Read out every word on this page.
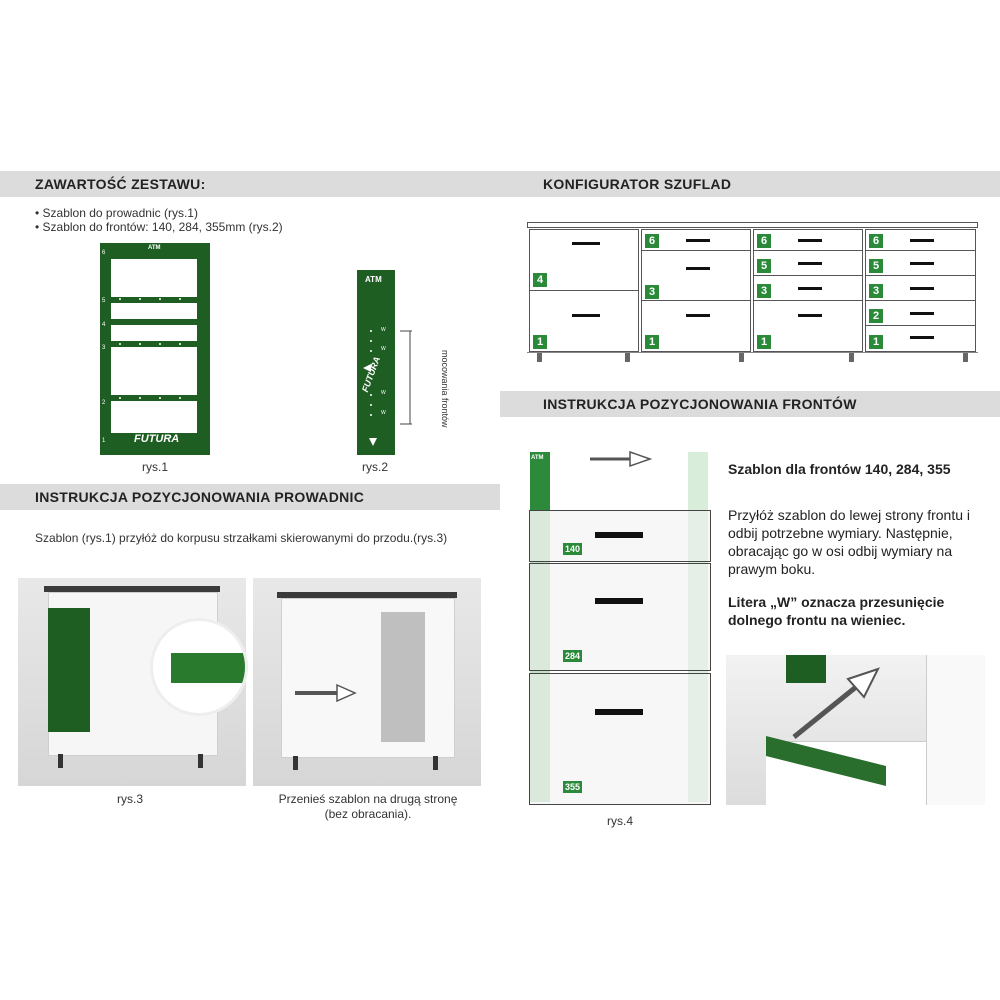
ZAWARTOŚĆ ZESTAWU:	KONFIGURATOR SZUFLAD
INSTRUKCJA POZYCJONOWANIA PROWADNIC
INSTRUKCJA POZYCJONOWANIA FRONTÓW
• Szablon do prowadnic (rys.1)
• Szablon do frontów: 140, 284, 355mm (rys.2)
ATM
FUTURA
6
5
4
3
2
1
rys.1
ATM
W
W
W
W
FUTURA	mocowania frontów
rys.2
Szablon (rys.1) przyłóż do korpusu strzałkami skierowanymi do przodu.(rys.3)
rys.3	Przenieś szablon na drugą stronę (bez obracania).
4
1
6
3
1
6
5
3
1
6
5
3
2
1
ATM
140
284
355
rys.4
Szablon dla frontów 140, 284, 355
Przyłóż szablon do lewej strony frontu i odbij potrzebne wymiary. Następnie, obracając go w osi odbij wymiary na prawym boku.
Litera „W” oznacza przesunięcie dolnego frontu na wieniec.
